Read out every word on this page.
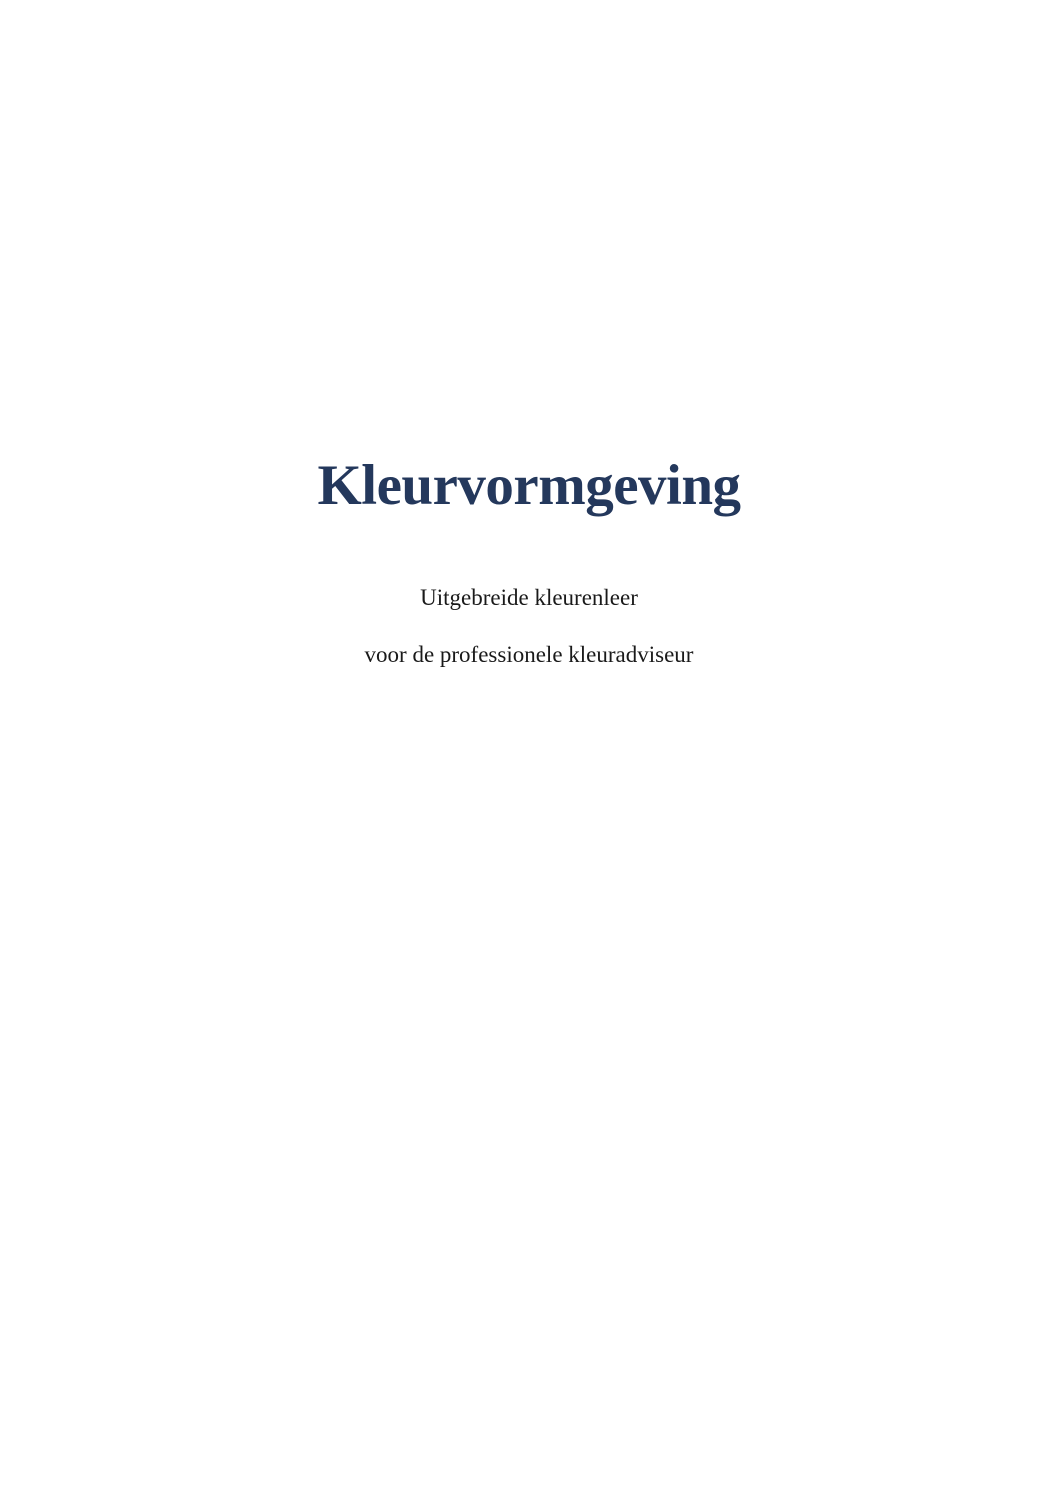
Kleurvormgeving

Uitgebreide kleurenleer

voor de professionele kleuradviseur
